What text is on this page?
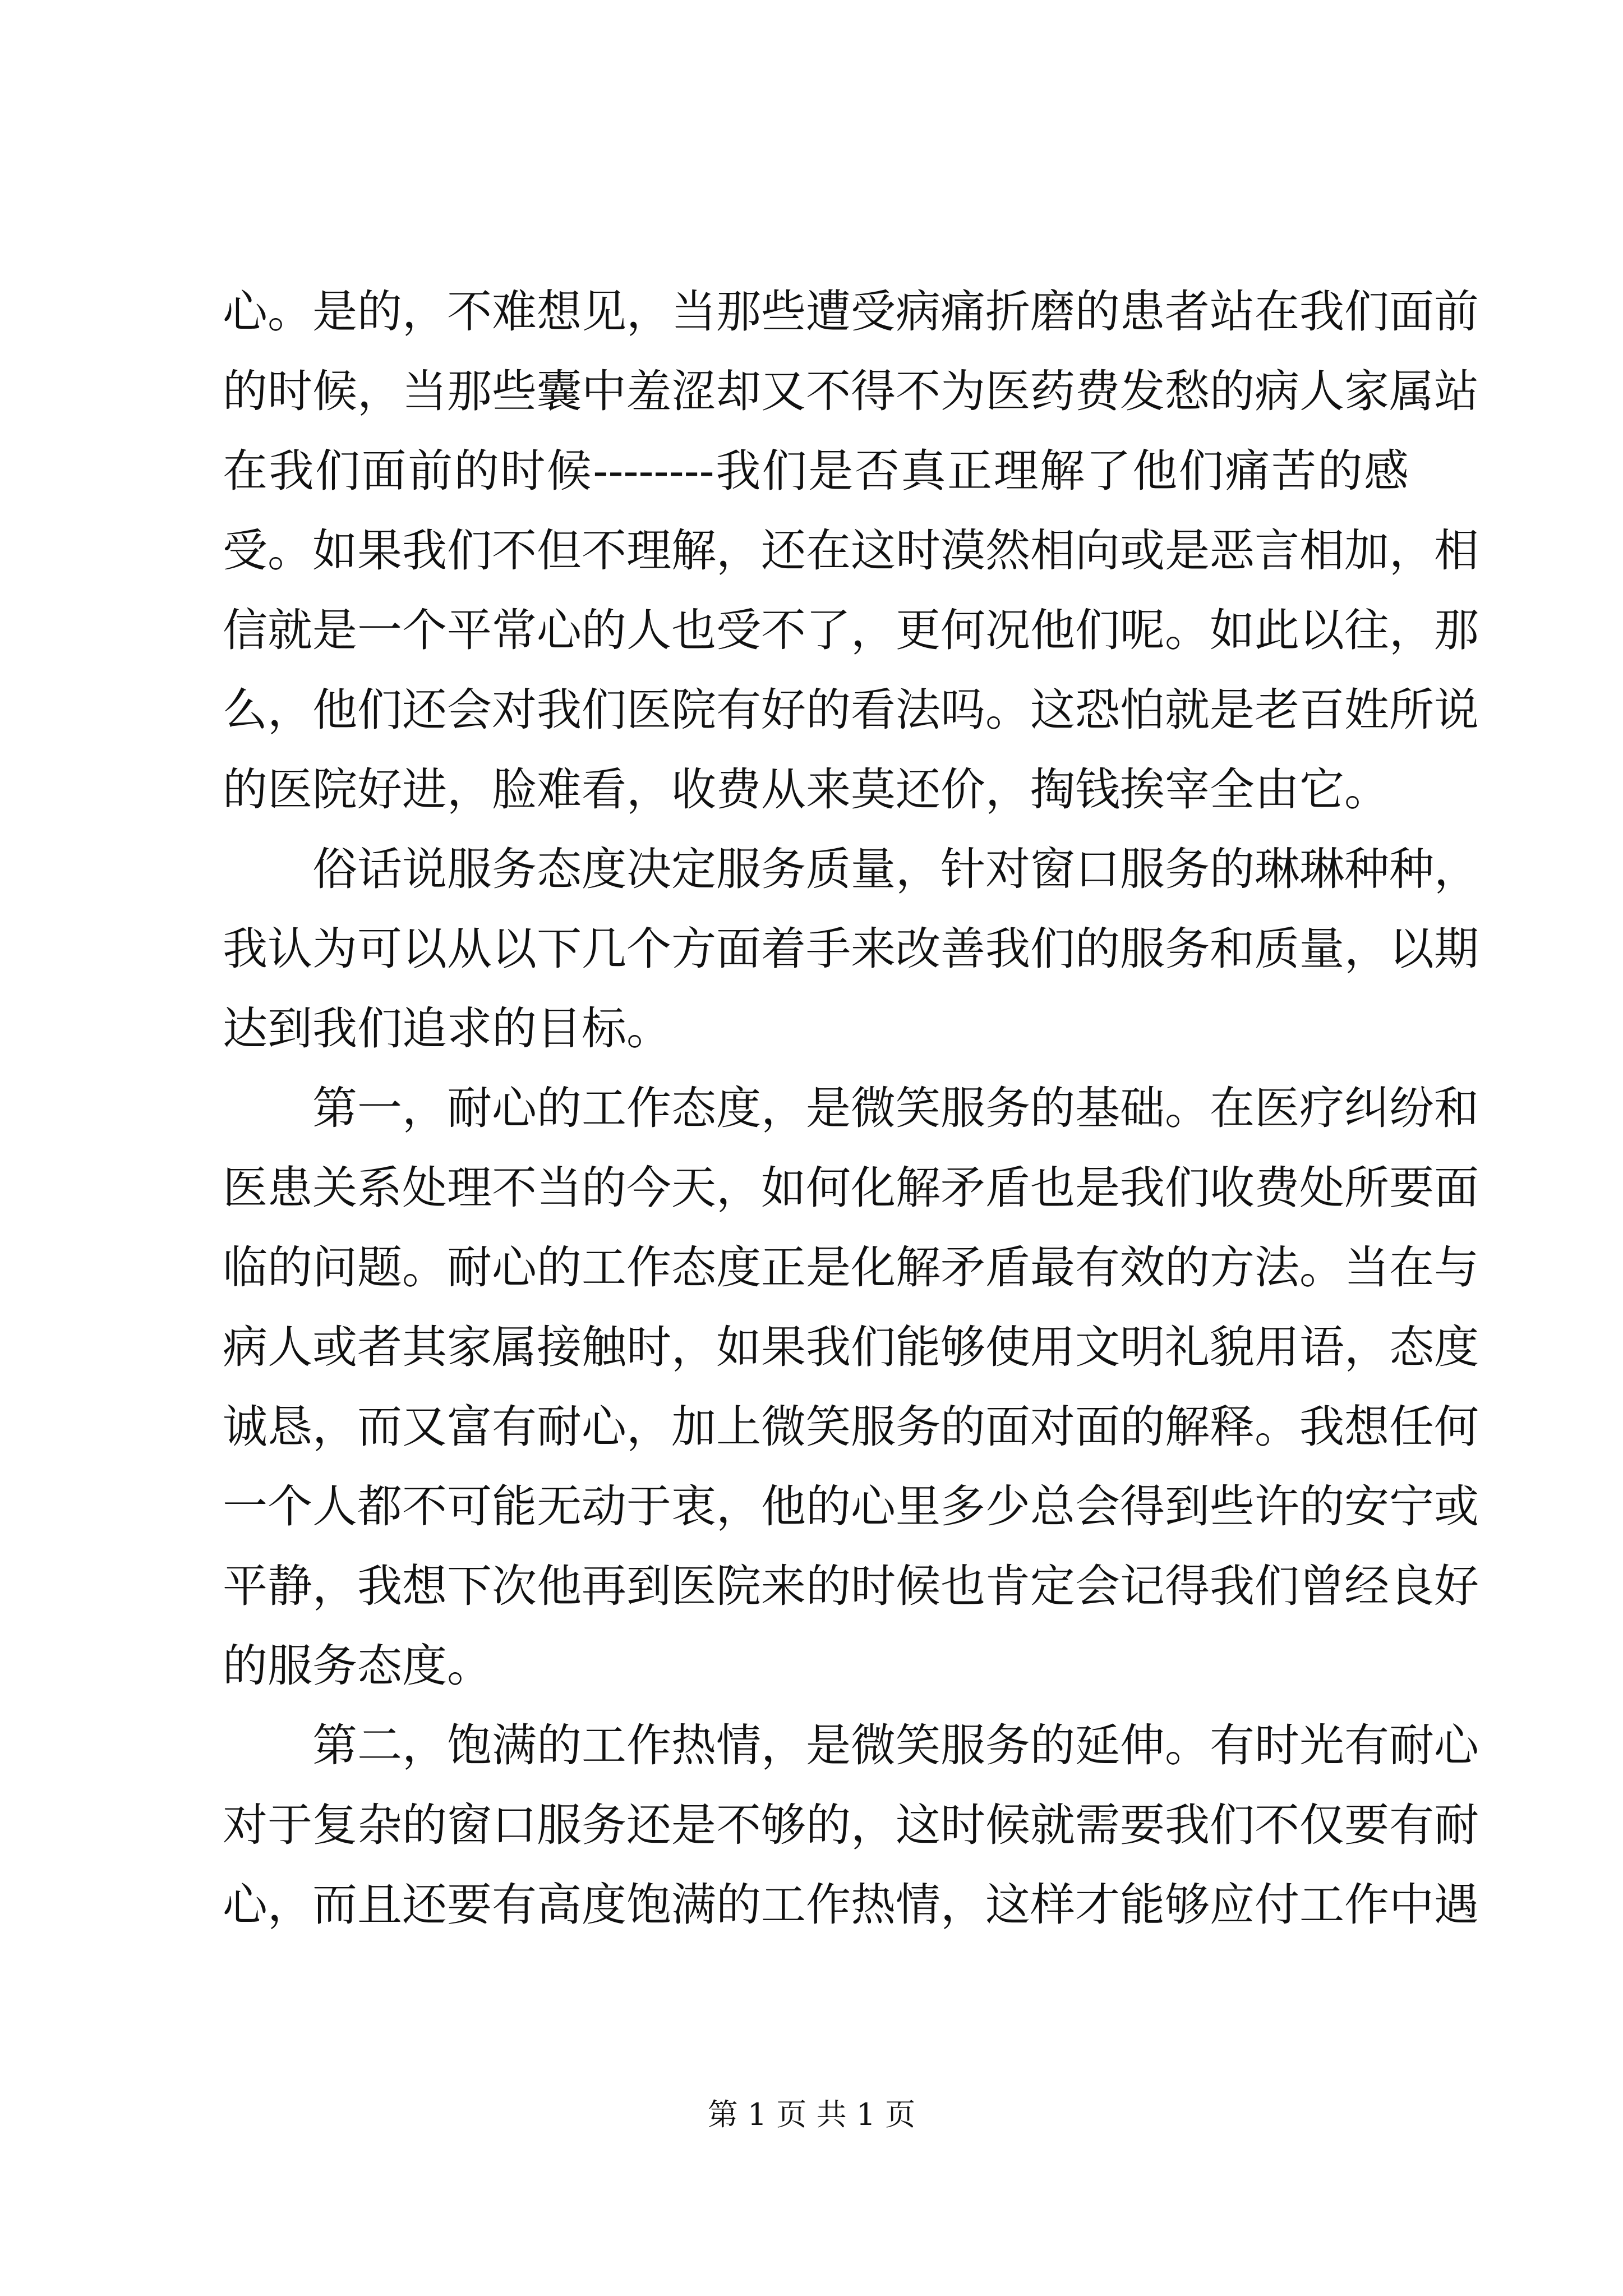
心。是的，不难想见，当那些遭受病痛折磨的患者站在我们面前
的时候，当那些囊中羞涩却又不得不为医药费发愁的病人家属站
在我们面前的时候--------我们是否真正理解了他们痛苦的感
受。如果我们不但不理解，还在这时漠然相向或是恶言相加，相
信就是一个平常心的人也受不了，更何况他们呢。如此以往，那
么，他们还会对我们医院有好的看法吗。这恐怕就是老百姓所说
的医院好进，脸难看，收费从来莫还价，掏钱挨宰全由它。
俗话说服务态度决定服务质量，针对窗口服务的琳琳种种，
我认为可以从以下几个方面着手来改善我们的服务和质量，以期
达到我们追求的目标。
第一，耐心的工作态度，是微笑服务的基础。在医疗纠纷和
医患关系处理不当的今天，如何化解矛盾也是我们收费处所要面
临的问题。耐心的工作态度正是化解矛盾最有效的方法。当在与
病人或者其家属接触时，如果我们能够使用文明礼貌用语，态度
诚恳，而又富有耐心，加上微笑服务的面对面的解释。我想任何
一个人都不可能无动于衷，他的心里多少总会得到些许的安宁或
平静，我想下次他再到医院来的时候也肯定会记得我们曾经良好
的服务态度。
第二，饱满的工作热情，是微笑服务的延伸。有时光有耐心
对于复杂的窗口服务还是不够的，这时候就需要我们不仅要有耐
心，而且还要有高度饱满的工作热情，这样才能够应付工作中遇
第 1 页 共 1 页
